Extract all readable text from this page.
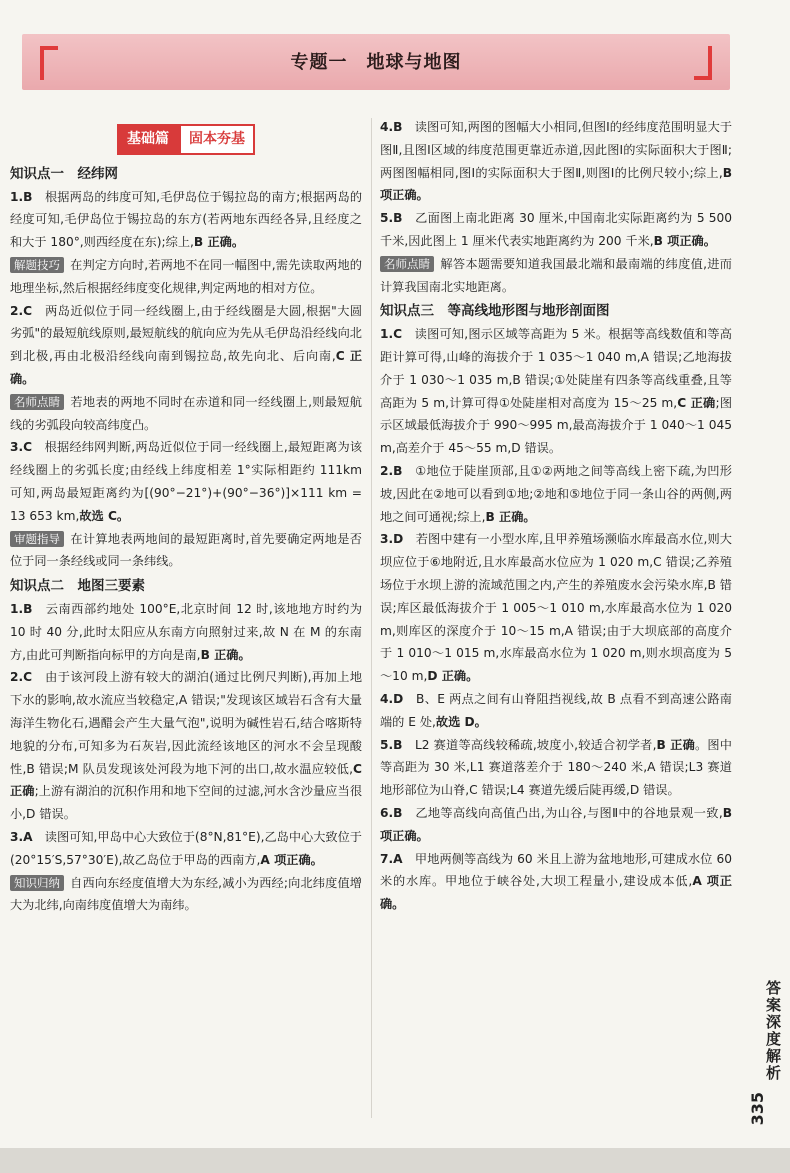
专题一　地球与地图
基础篇	固本夯基
知识点一　经纬网

1.B　 根据两岛的纬度可知,毛伊岛位于锡拉岛的南方;根据两岛的经度可知,毛伊岛位于锡拉岛的东方(若两地东西经各异,且经度之和大于 180°,则西经度在东);综上,B 正确。

解题技巧 在判定方向时,若两地不在同一幅图中,需先读取两地的地理坐标,然后根据经纬度变化规律,判定两地的相对方位。

2.C　 两岛近似位于同一经线圈上,由于经线圈是大圆,根据"大圆劣弧"的最短航线原则,最短航线的航向应为先从毛伊岛沿经线向北到北极,再由北极沿经线向南到锡拉岛,故先向北、后向南,C 正确。

名师点睛 若地表的两地不同时在赤道和同一经线圈上,则最短航线的劣弧段向较高纬度凸。

3.C　 根据经纬网判断,两岛近似位于同一经线圈上,最短距离为该经线圈上的劣弧长度;由经线上纬度相差 1°实际相距约 111km 可知,两岛最短距离约为[(90°−21°)+(90°−36°)]×111 km = 13 653 km,故选 C。

审题指导 在计算地表两地间的最短距离时,首先要确定两地是否位于同一条经线或同一条纬线。

知识点二　地图三要素

1.B　 云南西部约地处 100°E,北京时间 12 时,该地地方时约为 10 时 40 分,此时太阳应从东南方向照射过来,故 N 在 M 的东南方,由此可判断指向标甲的方向是南,B 正确。

2.C　 由于该河段上游有较大的湖泊(通过比例尺判断),再加上地下水的影响,故水流应当较稳定,A 错误;"发现该区域岩石含有大量海洋生物化石,遇醋会产生大量气泡",说明为碱性岩石,结合喀斯特地貌的分布,可知多为石灰岩,因此流经该地区的河水不会呈现酸性,B 错误;M 队员发现该处河段为地下河的出口,故水温应较低,C 正确;上游有湖泊的沉积作用和地下空间的过滤,河水含沙量应当很小,D 错误。

3.A　 读图可知,甲岛中心大致位于(8°N,81°E),乙岛中心大致位于(20°15′S,57°30′E),故乙岛位于甲岛的西南方,A 项正确。

知识归纳 自西向东经度值增大为东经,减小为西经;向北纬度值增大为北纬,向南纬度值增大为南纬。

4.B　 读图可知,两图的图幅大小相同,但图Ⅰ的经纬度范围明显大于图Ⅱ,且图Ⅰ区域的纬度范围更靠近赤道,因此图Ⅰ的实际面积大于图Ⅱ;两图图幅相同,图Ⅰ的实际面积大于图Ⅱ,则图Ⅰ的比例尺较小;综上,B 项正确。

5.B　 乙面图上南北距离 30 厘米,中国南北实际距离约为 5 500 千米,因此图上 1 厘米代表实地距离约为 200 千米,B 项正确。

名师点睛 解答本题需要知道我国最北端和最南端的纬度值,进而计算我国南北实地距离。

知识点三　等高线地形图与地形剖面图

1.C　 读图可知,图示区域等高距为 5 米。根据等高线数值和等高距计算可得,山峰的海拔介于 1 035～1 040 m,A 错误;乙地海拔介于 1 030～1 035 m,B 错误;①处陡崖有四条等高线重叠,且等高距为 5 m,计算可得①处陡崖相对高度为 15～25 m,C 正确;图示区域最低海拔介于 990～995 m,最高海拔介于 1 040～1 045 m,高差介于 45～55 m,D 错误。

2.B　 ①地位于陡崖顶部,且①②两地之间等高线上密下疏,为凹形坡,因此在②地可以看到①地;②地和⑤地位于同一条山谷的两侧,两地之间可通视;综上,B 正确。

3.D　 若图中建有一小型水库,且甲养殖场濒临水库最高水位,则大坝应位于⑥地附近,且水库最高水位应为 1 020 m,C 错误;乙养殖场位于水坝上游的流域范围之内,产生的养殖废水会污染水库,B 错误;库区最低海拔介于 1 005～1 010 m,水库最高水位为 1 020 m,则库区的深度介于 10～15 m,A 错误;由于大坝底部的高度介于 1 010～1 015 m,水库最高水位为 1 020 m,则水坝高度为 5～10 m,D 正确。

4.D　 B、E 两点之间有山脊阻挡视线,故 B 点看不到高速公路南端的 E 处,故选 D。

5.B　 L2 赛道等高线较稀疏,坡度小,较适合初学者,B 正确。图中等高距为 30 米,L1 赛道落差介于 180～240 米,A 错误;L3 赛道地形部位为山脊,C 错误;L4 赛道先缓后陡再缓,D 错误。

6.B　 乙地等高线向高值凸出,为山谷,与图Ⅱ中的谷地景观一致,B 项正确。

7.A　 甲地两侧等高线为 60 米且上游为盆地地形,可建成水位 60 米的水库。甲地位于峡谷处,大坝工程量小,建设成本低,A 项正确。

答案深度解析
335
